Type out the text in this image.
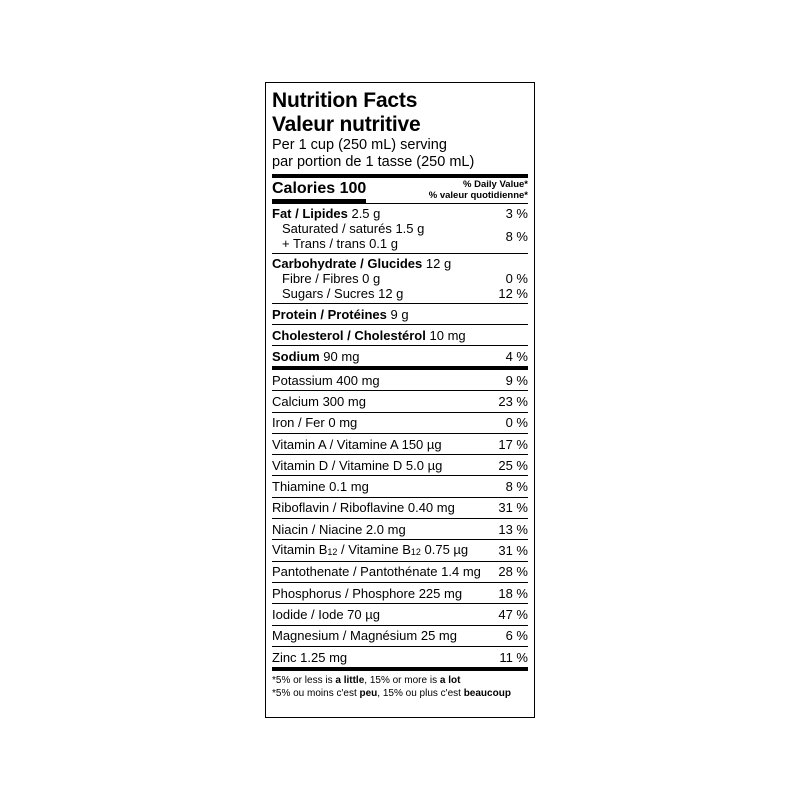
Nutrition Facts
Valeur nutritive
Per 1 cup (250 mL) serving
par portion de 1 tasse (250 mL)
Calories 100	% Daily Value*
% valeur quotidienne*
Fat / Lipides 2.5 g	3 %
Saturated / saturés 1.5 g
+ Trans / trans 0.1 g	8 %
Carbohydrate / Glucides 12 g
Fibre / Fibres 0 g	0 %
Sugars / Sucres 12 g	12 %
Protein / Protéines 9 g
Cholesterol / Cholestérol 10 mg
Sodium 90 mg	4 %
Potassium 400 mg	9 %
Calcium 300 mg	23 %
Iron / Fer 0 mg	0 %
Vitamin A / Vitamine A 150 µg	17 %
Vitamin D / Vitamine D 5.0 µg	25 %
Thiamine 0.1 mg	8 %
Riboflavin / Riboflavine 0.40 mg	31 %
Niacin / Niacine 2.0 mg	13 %
Vitamin $B_{12}$ / Vitamine $B_{12}$ 0.75 µg 31 %
Pantothenate / Pantothénate 1.4 mg 28 %
Phosphorus / Phosphore 225 mg	18 %
Iodide / Iode 70 µg	47 %
Magnesium / Magnésium 25 mg	6 %
Zinc 1.25 mg	11 %
*5% or less is a little, 15% or more is a lot
*5% ou moins c'est peu, 15% ou plus c'est beaucoup
